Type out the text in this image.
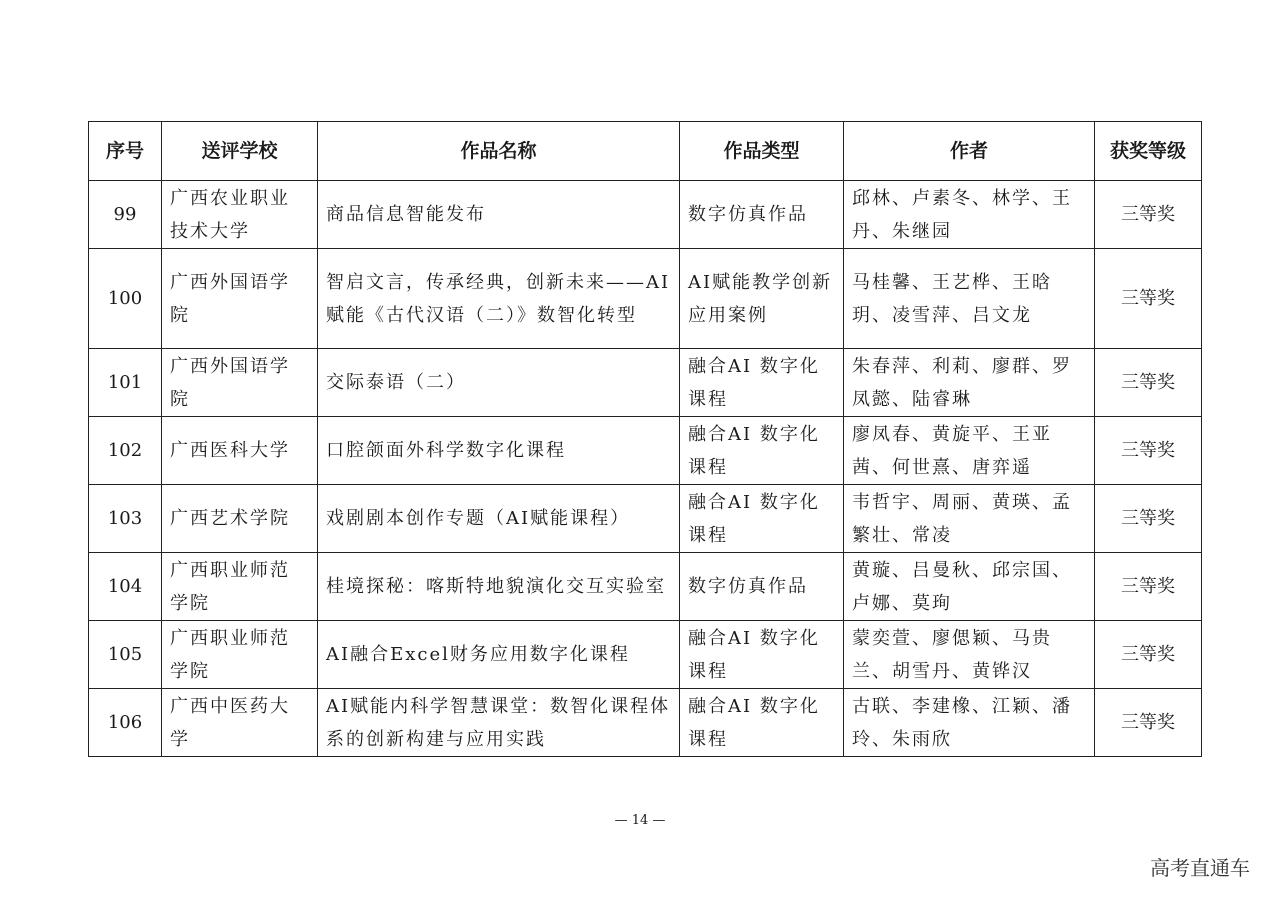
序号	送评学校	作品名称	作品类型	作者	获奖等级
99	广西农业职业技术大学	商品信息智能发布	数字仿真作品	邱林、卢素冬、林学、王丹、朱继园	三等奖
100	广西外国语学院	智启文言，传承经典，创新未来——AI赋能《古代汉语（二）》数智化转型	AI赋能教学创新应用案例	马桂馨、王艺桦、王晗玥、凌雪萍、吕文龙	三等奖
101	广西外国语学院	交际泰语（二）	融合AI 数字化课程	朱春萍、利莉、廖群、罗凤懿、陆睿琳	三等奖
102	广西医科大学	口腔颌面外科学数字化课程	融合AI 数字化课程	廖凤春、黄旋平、王亚茜、何世熹、唐弈遥	三等奖
103	广西艺术学院	戏剧剧本创作专题（AI赋能课程）	融合AI 数字化课程	韦哲宇、周丽、黄瑛、孟繁壮、常凌	三等奖
104	广西职业师范学院	桂境探秘：喀斯特地貌演化交互实验室	数字仿真作品	黄璇、吕曼秋、邱宗国、卢娜、莫珣	三等奖
105	广西职业师范学院	AI融合Excel财务应用数字化课程	融合AI 数字化课程	蒙奕萱、廖偲颖、马贵兰、胡雪丹、黄铧汉	三等奖
106	广西中医药大学	AI赋能内科学智慧课堂：数智化课程体系的创新构建与应用实践	融合AI 数字化课程	古联、李建橡、江颖、潘玲、朱雨欣	三等奖
— 14 —
高考直通车
